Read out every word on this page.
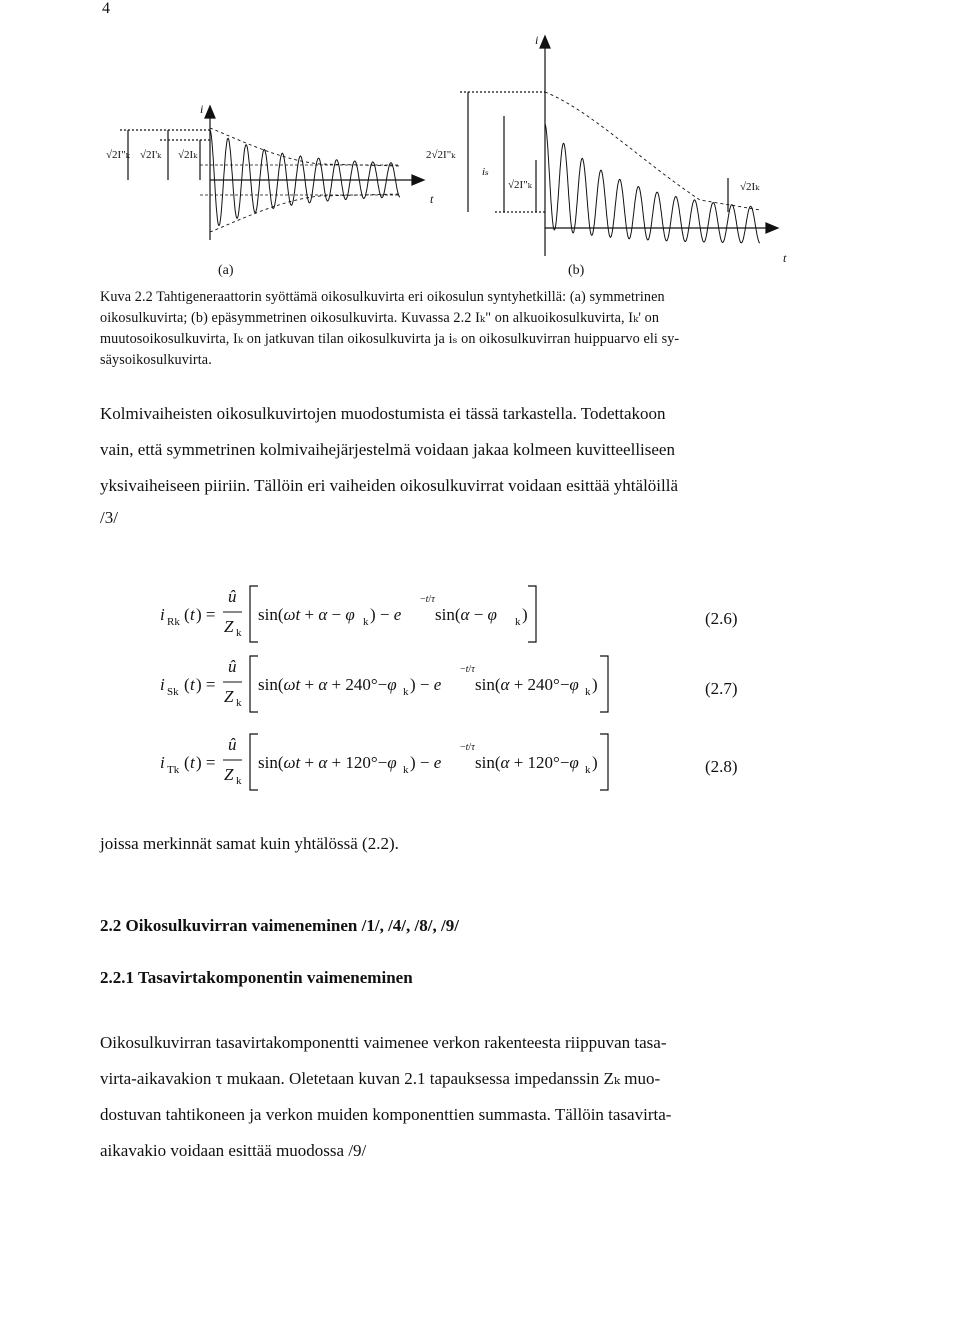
4
i
t
√2I"ₖ √2I'ₖ √2Iₖ
i
t
2√2I"ₖ
iₛ
√2I"ₖ	√2Iₖ
(a)	(b)

Kuva 2.2 Tahtigeneraattorin syöttämä oikosulkuvirta eri oikosulun syntyhetkillä: (a) symmetrinen

oikosulkuvirta; (b) epäsymmetrinen oikosulkuvirta. Kuvassa 2.2 Iₖ" on alkuoikosulkuvirta, Iₖ' on

muutosoikosulkuvirta, Iₖ on jatkuvan tilan oikosulkuvirta ja iₛ on oikosulkuvirran huippuarvo eli sy-

säysoikosulkuvirta.

Kolmivaiheisten oikosulkuvirtojen muodostumista ei tässä tarkastella. Todettakoon

vain, että symmetrinen kolmivaihejärjestelmä voidaan jakaa kolmeen kuvitteelliseen

yksivaiheiseen piiriin. Tällöin eri vaiheiden oikosulkuvirrat voidaan esittää yhtälöillä

/3/
i Rk ( t ) =
û
Z k
sin(ωt + α − φ k ) − e
−t/τ
sin(α − φ k )	(2.6)
i Sk ( t ) =
û
Z k
sin(ωt + α + 240°−φ k ) − e
−t/τ
sin(α + 240°−φ k )	(2.7)
i Tk ( t ) =
û
Z k
sin(ωt + α + 120°−φ k ) − e
−t/τ
sin(α + 120°−φ k )	(2.8)
joissa merkinnät samat kuin yhtälössä (2.2).
2.2 Oikosulkuvirran vaimeneminen /1/, /4/, /8/, /9/
2.2.1 Tasavirtakomponentin vaimeneminen

Oikosulkuvirran tasavirtakomponentti vaimenee verkon rakenteesta riippuvan tasa-

virta-aikavakion τ mukaan. Oletetaan kuvan 2.1 tapauksessa impedanssin Zₖ muo-

dostuvan tahtikoneen ja verkon muiden komponenttien summasta. Tällöin tasavirta-

aikavakio voidaan esittää muodossa /9/
